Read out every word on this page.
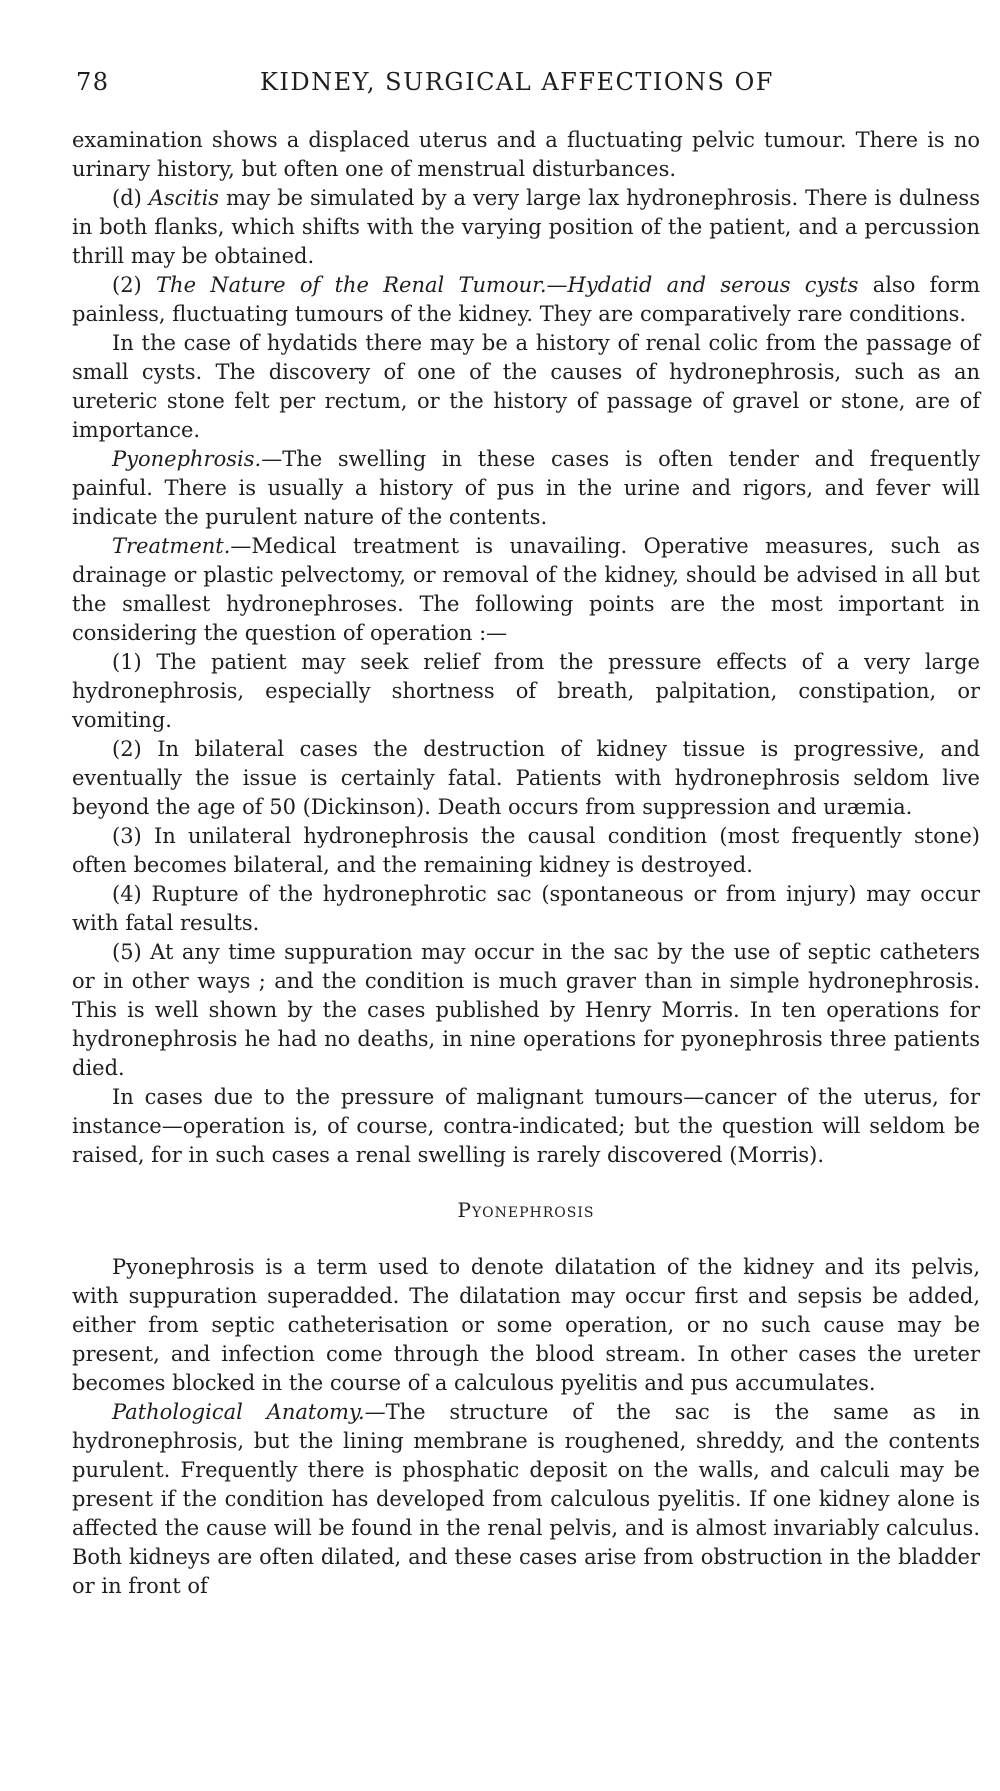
78	KIDNEY, SURGICAL AFFECTIONS OF

examination shows a displaced uterus and a fluctuating pelvic tumour. There is no urinary history, but often one of menstrual disturbances.

(d) Ascitis may be simulated by a very large lax hydronephrosis. There is dulness in both flanks, which shifts with the varying position of the patient, and a percussion thrill may be obtained.

(2) The Nature of the Renal Tumour.—Hydatid and serous cysts also form painless, fluctuating tumours of the kidney. They are comparatively rare conditions.

In the case of hydatids there may be a history of renal colic from the passage of small cysts. The discovery of one of the causes of hydronephrosis, such as an ureteric stone felt per rectum, or the history of passage of gravel or stone, are of importance.

Pyonephrosis.—The swelling in these cases is often tender and frequently painful. There is usually a history of pus in the urine and rigors, and fever will indicate the purulent nature of the contents.

Treatment.—Medical treatment is unavailing. Operative measures, such as drainage or plastic pelvectomy, or removal of the kidney, should be advised in all but the smallest hydronephroses. The following points are the most important in considering the question of operation :—

(1) The patient may seek relief from the pressure effects of a very large hydronephrosis, especially shortness of breath, palpitation, constipation, or vomiting.

(2) In bilateral cases the destruction of kidney tissue is progressive, and eventually the issue is certainly fatal. Patients with hydronephrosis seldom live beyond the age of 50 (Dickinson). Death occurs from suppression and uræmia.

(3) In unilateral hydronephrosis the causal condition (most frequently stone) often becomes bilateral, and the remaining kidney is destroyed.

(4) Rupture of the hydronephrotic sac (spontaneous or from injury) may occur with fatal results.

(5) At any time suppuration may occur in the sac by the use of septic catheters or in other ways ; and the condition is much graver than in simple hydronephrosis. This is well shown by the cases published by Henry Morris. In ten operations for hydronephrosis he had no deaths, in nine operations for pyonephrosis three patients died.

In cases due to the pressure of malignant tumours—cancer of the uterus, for instance—operation is, of course, contra-indicated; but the question will seldom be raised, for in such cases a renal swelling is rarely discovered (Morris).

Pyonephrosis

Pyonephrosis is a term used to denote dilatation of the kidney and its pelvis, with suppuration superadded. The dilatation may occur first and sepsis be added, either from septic catheterisation or some operation, or no such cause may be present, and infection come through the blood stream. In other cases the ureter becomes blocked in the course of a calculous pyelitis and pus accumulates.

Pathological Anatomy.—The structure of the sac is the same as in hydronephrosis, but the lining membrane is roughened, shreddy, and the contents purulent. Frequently there is phosphatic deposit on the walls, and calculi may be present if the condition has developed from calculous pyelitis. If one kidney alone is affected the cause will be found in the renal pelvis, and is almost invariably calculus. Both kidneys are often dilated, and these cases arise from obstruction in the bladder or in front of
